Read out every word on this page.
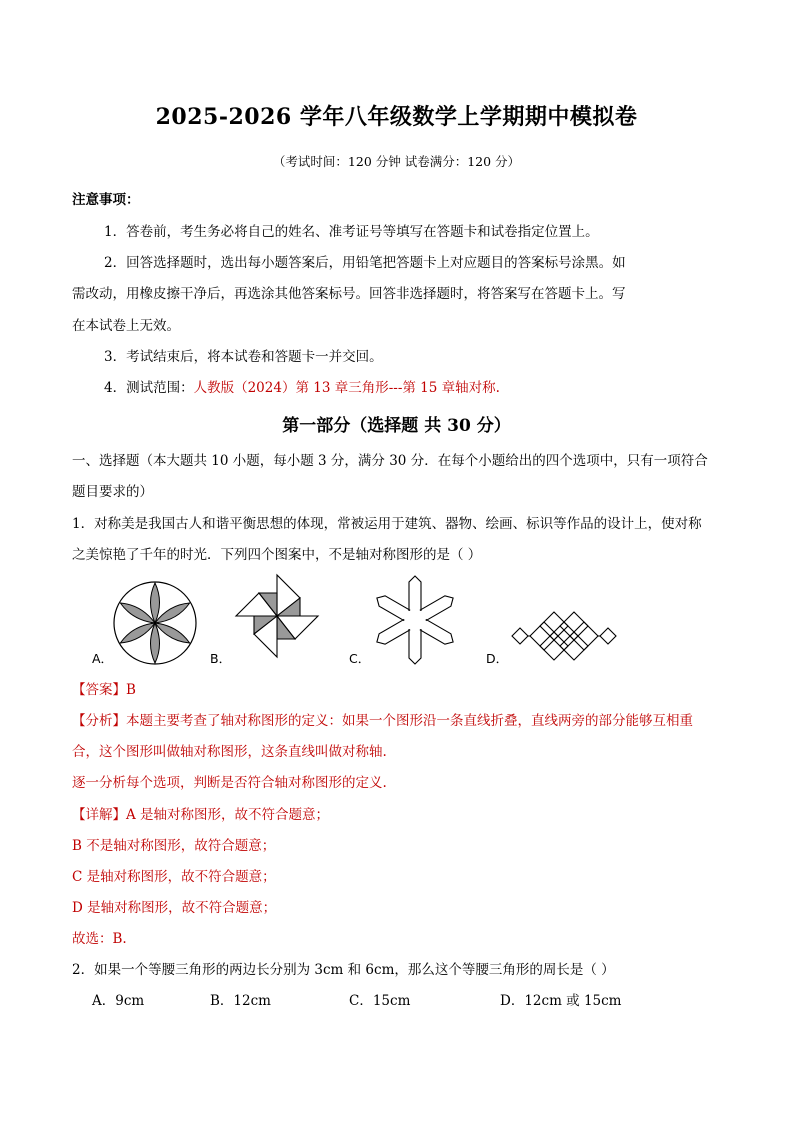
2025-2026 学年八年级数学上学期期中模拟卷
（考试时间：120 分钟 试卷满分：120 分）
注意事项：
1．答卷前，考生务必将自己的姓名、准考证号等填写在答题卡和试卷指定位置上。
2．回答选择题时，选出每小题答案后，用铅笔把答题卡上对应题目的答案标号涂黑。如
需改动，用橡皮擦干净后，再选涂其他答案标号。回答非选择题时，将答案写在答题卡上。写
在本试卷上无效。
3．考试结束后，将本试卷和答题卡一并交回。
4．测试范围：人教版（2024）第 13 章三角形---第 15 章轴对称.
第一部分（选择题 共 30 分）
一、选择题（本大题共 10 小题，每小题 3 分，满分 30 分．在每个小题给出的四个选项中，只有一项符合
题目要求的）
1．对称美是我国古人和谐平衡思想的体现，常被运用于建筑、器物、绘画、标识等作品的设计上，使对称
之美惊艳了千年的时光．下列四个图案中，不是轴对称图形的是（ ）
A．	B．	C．	D．
【答案】B
【分析】本题主要考查了轴对称图形的定义：如果一个图形沿一条直线折叠，直线两旁的部分能够互相重
合，这个图形叫做轴对称图形，这条直线叫做对称轴.
逐一分析每个选项，判断是否符合轴对称图形的定义.
【详解】A 是轴对称图形，故不符合题意；
B 不是轴对称图形，故符合题意；
C 是轴对称图形，故不符合题意；
D 是轴对称图形，故不符合题意；
故选：B.
2．如果一个等腰三角形的两边长分别为 3cm 和 6cm，那么这个等腰三角形的周长是（ ）
A．9cm	B．12cm	C．15cm	D．12cm 或 15cm
